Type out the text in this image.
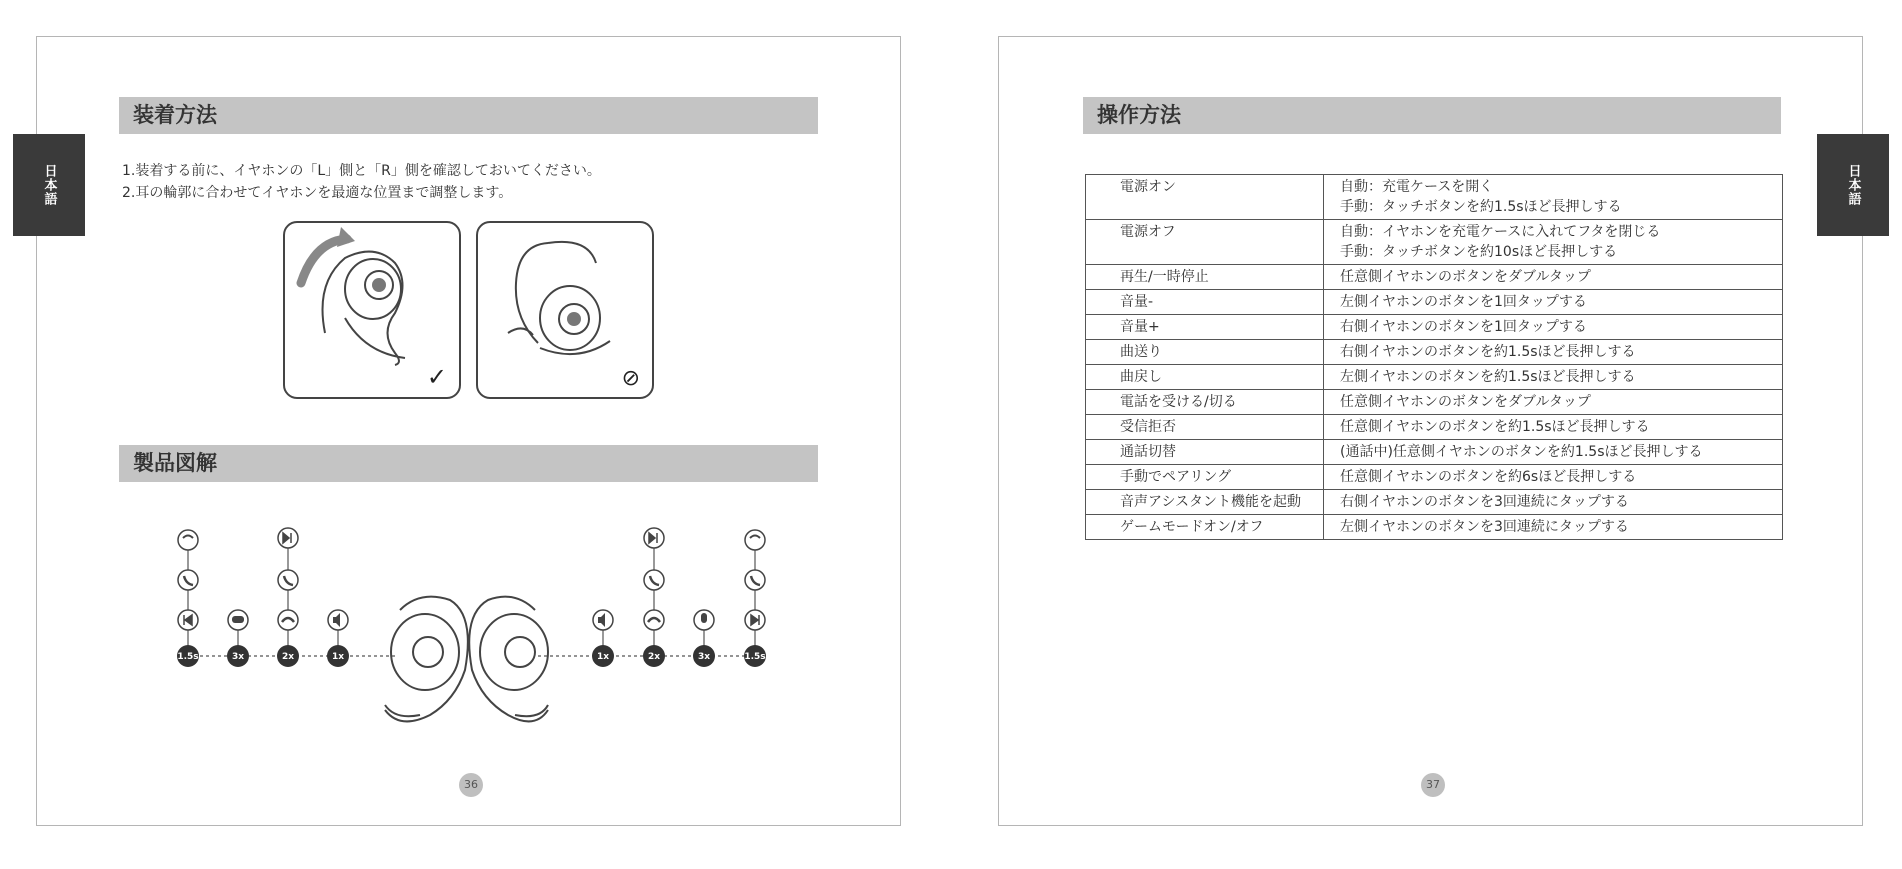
日本語
装着方法
1.装着する前に、イヤホンの「L」側と「R」側を確認しておいてください。
2.耳の輪郭に合わせてイヤホンを最適な位置まで調整します。
✓	⊘
製品図解
1.5s	3x	2x	1x	1x	2x	3x	1.5s
36
電源オン	自動：充電ケースを開く
手動：タッチボタンを約1.5sほど長押しする

電源オフ	自動：イヤホンを充電ケースに入れてフタを閉じる
手動：タッチボタンを約10sほど長押しする

再生/一時停止	任意側イヤホンのボタンをダブルタップ

音量-	左側イヤホンのボタンを1回タップする

音量+	右側イヤホンのボタンを1回タップする

曲送り	右側イヤホンのボタンを約1.5sほど長押しする

曲戻し	左側イヤホンのボタンを約1.5sほど長押しする

電話を受ける/切る	任意側イヤホンのボタンをダブルタップ

受信拒否	任意側イヤホンのボタンを約1.5sほど長押しする

通話切替	(通話中)任意側イヤホンのボタンを約1.5sほど長押しする

手動でペアリング	任意側イヤホンのボタンを約6sほど長押しする

音声アシスタント機能を起動	右側イヤホンのボタンを3回連続にタップする

ゲームモードオン/オフ	左側イヤホンのボタンを3回連続にタップする
日本語
操作方法
37
